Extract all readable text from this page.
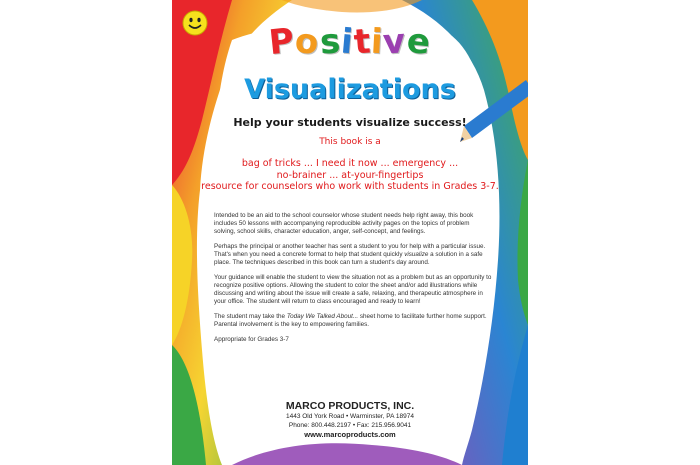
Positive
Visualizations
Help your students visualize success!
This book is a
bag of tricks ... I need it now ... emergency ...
no-brainer ... at-your-fingertips
resource for counselors who work with students in Grades 3-7.

Intended to be an aid to the school counselor whose student needs help right away, this book includes 50 lessons with accompanying reproducible activity pages on the topics of problem solving, school skills, character education, anger, self-concept, and feelings.

Perhaps the principal or another teacher has sent a student to you for help with a particular issue. That's when you need a concrete format to help that student quickly visualize a solution in a safe place. The techniques described in this book can turn a student's day around.

Your guidance will enable the student to view the situation not as a problem but as an opportunity to recognize positive options. Allowing the student to color the sheet and/or add illustrations while discussing and writing about the issue will create a safe, relaxing, and therapeutic atmosphere in your office. The student will return to class encouraged and ready to learn!

The student may take the Today We Talked About... sheet home to facilitate further home support. Parental involvement is the key to empowering families.

Appropriate for Grades 3-7

MARCO PRODUCTS, INC.
1443 Old York Road • Warminster, PA 18974
Phone: 800.448.2197 • Fax: 215.956.9041
www.marcoproducts.com
